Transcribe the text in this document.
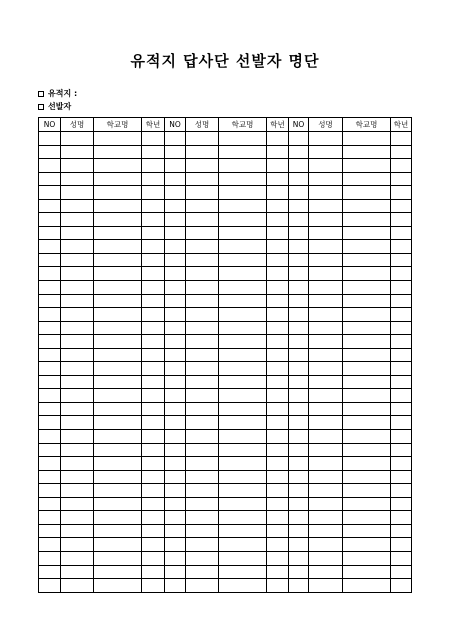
유적지 답사단 선발자 명단
유적지 :
선발자
NO	성명	학교명	학년	NO	성명	학교명	학년	NO	성명	학교명	학년
